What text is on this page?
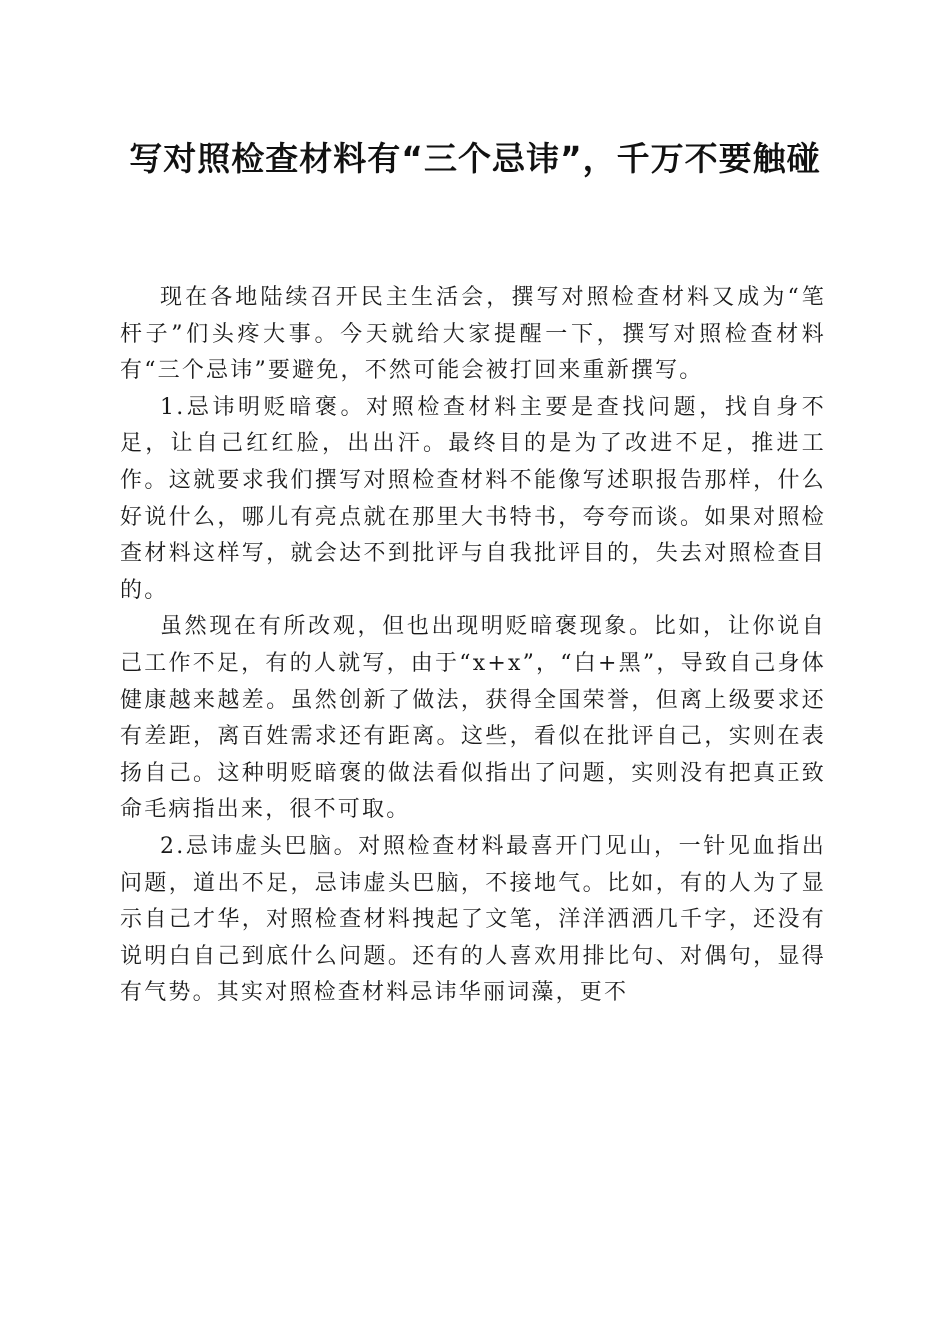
写对照检查材料有“三个忌讳”，千万不要触碰

现在各地陆续召开民主生活会，撰写对照检查材料又成为“笔杆子”们头疼大事。今天就给大家提醒一下，撰写对照检查材料有“三个忌讳”要避免，不然可能会被打回来重新撰写。

1.忌讳明贬暗褒。对照检查材料主要是查找问题，找自身不足，让自己红红脸，出出汗。最终目的是为了改进不足，推进工作。这就要求我们撰写对照检查材料不能像写述职报告那样，什么好说什么，哪儿有亮点就在那里大书特书，夸夸而谈。如果对照检查材料这样写，就会达不到批评与自我批评目的，失去对照检查目的。

虽然现在有所改观，但也出现明贬暗褒现象。比如，让你说自己工作不足，有的人就写，由于“x+x”，“白+黑”，导致自己身体健康越来越差。虽然创新了做法，获得全国荣誉，但离上级要求还有差距，离百姓需求还有距离。这些，看似在批评自己，实则在表扬自己。这种明贬暗褒的做法看似指出了问题，实则没有把真正致命毛病指出来，很不可取。

2.忌讳虚头巴脑。对照检查材料最喜开门见山，一针见血指出问题，道出不足，忌讳虚头巴脑，不接地气。比如，有的人为了显示自己才华，对照检查材料拽起了文笔，洋洋洒洒几千字，还没有说明白自己到底什么问题。还有的人喜欢用排比句、对偶句，显得有气势。其实对照检查材料忌讳华丽词藻，更不
